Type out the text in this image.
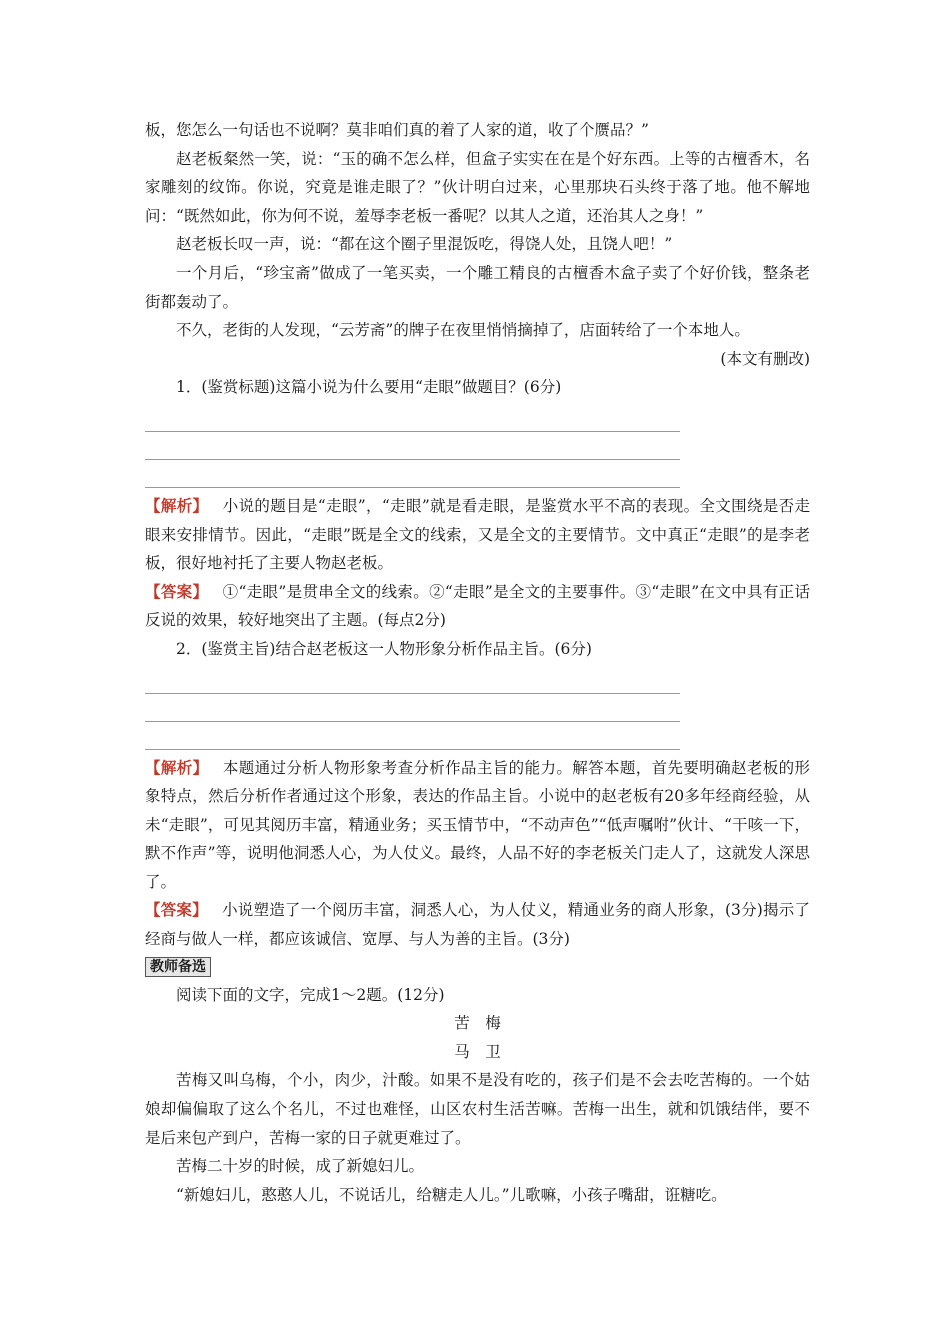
板，您怎么一句话也不说啊？莫非咱们真的着了人家的道，收了个赝品？”

赵老板粲然一笑，说：“玉的确不怎么样，但盒子实实在在是个好东西。上等的古檀香木，名家雕刻的纹饰。你说，究竟是谁走眼了？”伙计明白过来，心里那块石头终于落了地。他不解地问：“既然如此，你为何不说，羞辱李老板一番呢？以其人之道，还治其人之身！”

赵老板长叹一声，说：“都在这个圈子里混饭吃，得饶人处，且饶人吧！”

一个月后，“珍宝斋”做成了一笔买卖，一个雕工精良的古檀香木盒子卖了个好价钱，整条老街都轰动了。

不久，老街的人发现，“云芳斋”的牌子在夜里悄悄摘掉了，店面转给了一个本地人。

(本文有删改)

1．(鉴赏标题)这篇小说为什么要用“走眼”做题目？(6分)

【解析】 小说的题目是“走眼”，“走眼”就是看走眼，是鉴赏水平不高的表现。全文围绕是否走眼来安排情节。因此，“走眼”既是全文的线索，又是全文的主要情节。文中真正“走眼”的是李老板，很好地衬托了主要人物赵老板。

【答案】 ①“走眼”是贯串全文的线索。②“走眼”是全文的主要事件。③“走眼”在文中具有正话反说的效果，较好地突出了主题。(每点2分)

2．(鉴赏主旨)结合赵老板这一人物形象分析作品主旨。(6分)

【解析】 本题通过分析人物形象考查分析作品主旨的能力。解答本题，首先要明确赵老板的形象特点，然后分析作者通过这个形象，表达的作品主旨。小说中的赵老板有20多年经商经验，从未“走眼”，可见其阅历丰富，精通业务；买玉情节中，“不动声色”“低声嘱咐”伙计、“干咳一下，默不作声”等，说明他洞悉人心，为人仗义。最终，人品不好的李老板关门走人了，这就发人深思了。

【答案】 小说塑造了一个阅历丰富，洞悉人心，为人仗义，精通业务的商人形象，(3分)揭示了经商与做人一样，都应该诚信、宽厚、与人为善的主旨。(3分)

教师备选

阅读下面的文字，完成1～2题。(12分)

苦　梅

马　卫

苦梅又叫乌梅，个小，肉少，汁酸。如果不是没有吃的，孩子们是不会去吃苦梅的。一个姑娘却偏偏取了这么个名儿，不过也难怪，山区农村生活苦嘛。苦梅一出生，就和饥饿结伴，要不是后来包产到户，苦梅一家的日子就更难过了。

苦梅二十岁的时候，成了新媳妇儿。

“新媳妇儿，憨憨人儿，不说话儿，给糖走人儿。”儿歌嘛，小孩子嘴甜，诳糖吃。
